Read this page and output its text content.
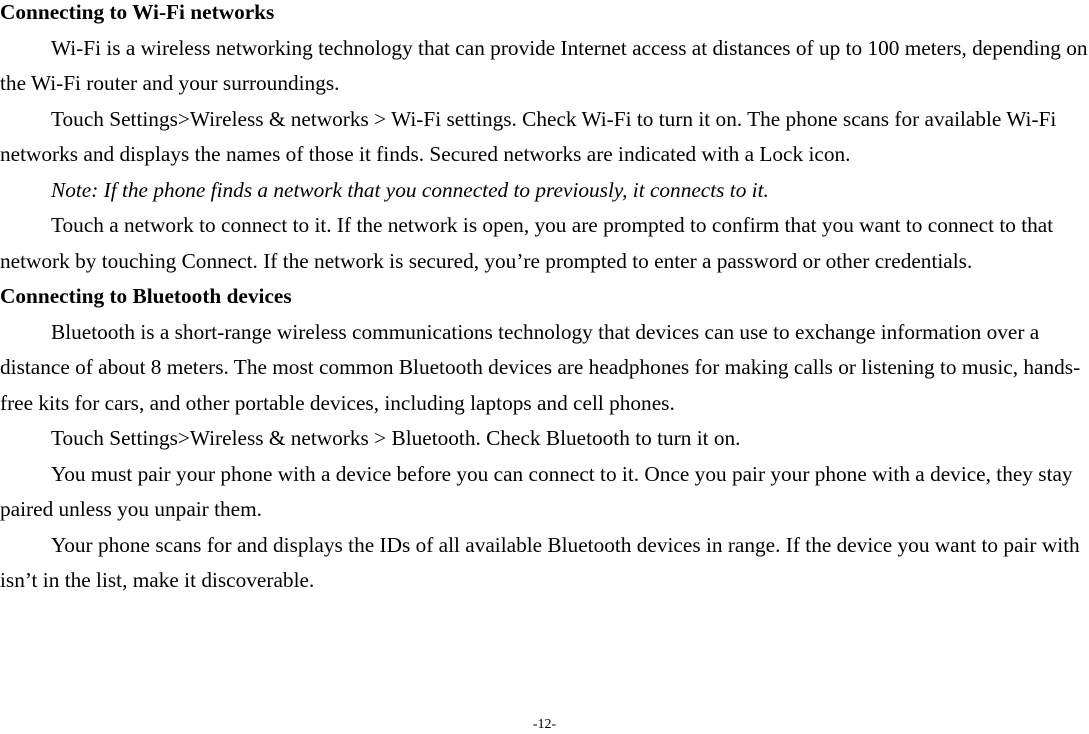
Connecting to Wi-Fi networks

Wi-Fi is a wireless networking technology that can provide Internet access at distances of up to 100 meters, depending on the Wi-Fi router and your surroundings.

Touch Settings>Wireless & networks > Wi-Fi settings. Check Wi-Fi to turn it on. The phone scans for available Wi-Fi networks and displays the names of those it finds. Secured networks are indicated with a Lock icon.

Note: If the phone finds a network that you connected to previously, it connects to it.

Touch a network to connect to it. If the network is open, you are prompted to confirm that you want to connect to that network by touching Connect. If the network is secured, you’re prompted to enter a password or other credentials.

Connecting to Bluetooth devices

Bluetooth is a short-range wireless communications technology that devices can use to exchange information over a distance of about 8 meters. The most common Bluetooth devices are headphones for making calls or listening to music, hands-free kits for cars, and other portable devices, including laptops and cell phones.

Touch Settings>Wireless & networks > Bluetooth. Check Bluetooth to turn it on.

You must pair your phone with a device before you can connect to it. Once you pair your phone with a device, they stay paired unless you unpair them.

Your phone scans for and displays the IDs of all available Bluetooth devices in range. If the device you want to pair with isn’t in the list, make it discoverable.

-12-
